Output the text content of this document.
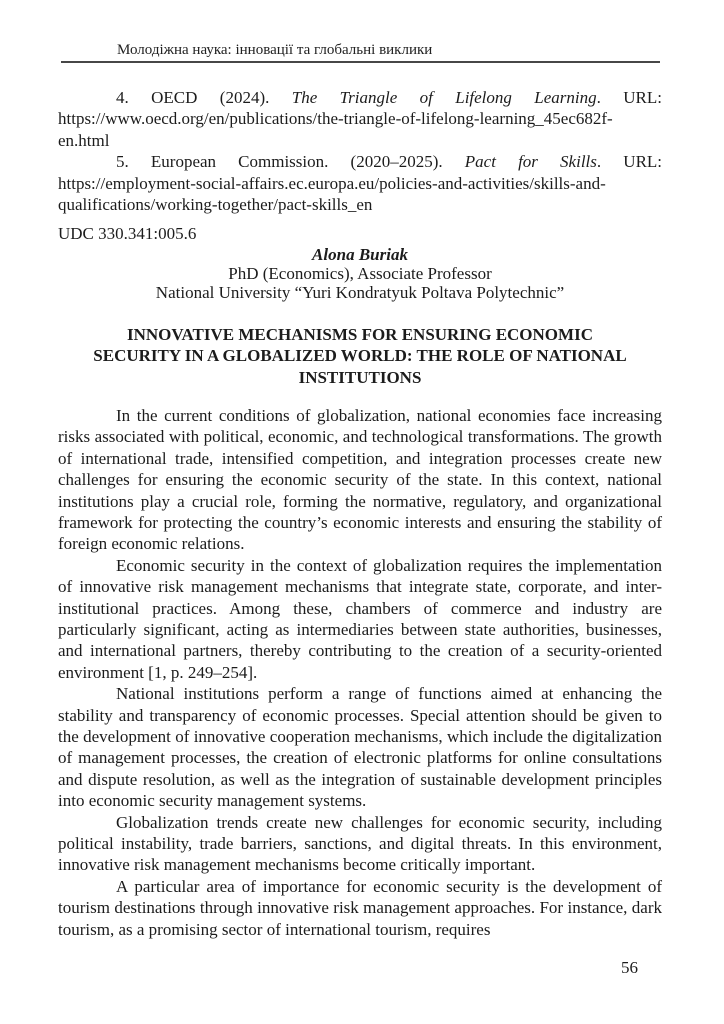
Молодіжна наука: інновації та глобальні виклики

4. OECD (2024). The Triangle of Lifelong Learning. URL: https://www.oecd.org/en/publications/the-triangle-of-lifelong-learning_45ec682f-en.html

5. European Commission. (2020–2025). Pact for Skills. URL: https://employment-social-affairs.ec.europa.eu/policies-and-activities/skills-and-qualifications/working-together/pact-skills_en

UDC 330.341:005.6

Alona Buriak

PhD (Economics), Associate Professor

National University “Yuri Kondratyuk Poltava Polytechnic”

INNOVATIVE MECHANISMS FOR ENSURING ECONOMIC SECURITY IN A GLOBALIZED WORLD: THE ROLE OF NATIONAL INSTITUTIONS

In the current conditions of globalization, national economies face increasing risks associated with political, economic, and technological transformations. The growth of international trade, intensified competition, and integration processes create new challenges for ensuring the economic security of the state. In this context, national institutions play a crucial role, forming the normative, regulatory, and organizational framework for protecting the country’s economic interests and ensuring the stability of foreign economic relations.

Economic security in the context of globalization requires the implementation of innovative risk management mechanisms that integrate state, corporate, and inter-institutional practices. Among these, chambers of commerce and industry are particularly significant, acting as intermediaries between state authorities, businesses, and international partners, thereby contributing to the creation of a security-oriented environment [1, p. 249–254].

National institutions perform a range of functions aimed at enhancing the stability and transparency of economic processes. Special attention should be given to the development of innovative cooperation mechanisms, which include the digitalization of management processes, the creation of electronic platforms for online consultations and dispute resolution, as well as the integration of sustainable development principles into economic security management systems.

Globalization trends create new challenges for economic security, including political instability, trade barriers, sanctions, and digital threats. In this environment, innovative risk management mechanisms become critically important.

A particular area of importance for economic security is the development of tourism destinations through innovative risk management approaches. For instance, dark tourism, as a promising sector of international tourism, requires

56
